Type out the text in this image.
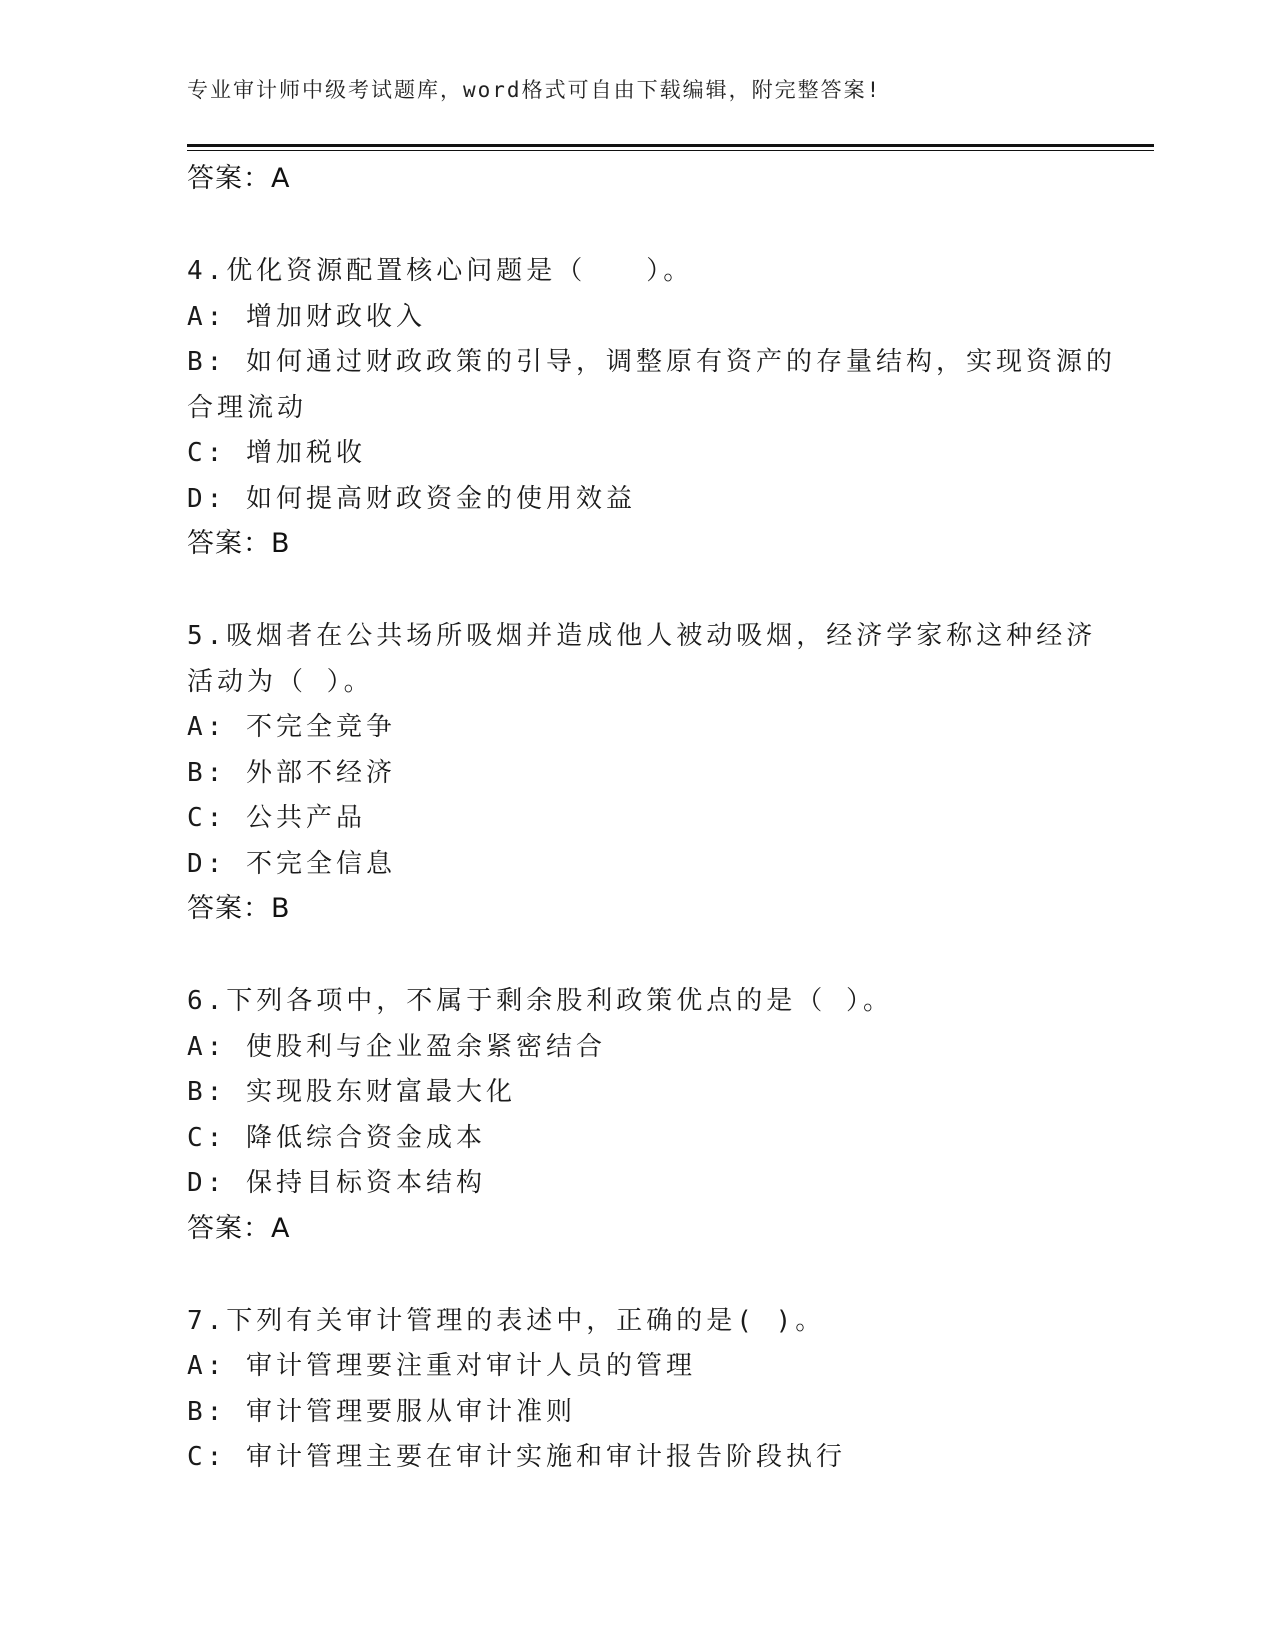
专业审计师中级考试题库，word格式可自由下载编辑，附完整答案!
答案：A
4.优化资源配置核心问题是（　　）。
A: 增加财政收入
B: 如何通过财政政策的引导，调整原有资产的存量结构，实现资源的
合理流动
C: 增加税收
D: 如何提高财政资金的使用效益
答案：B
5.吸烟者在公共场所吸烟并造成他人被动吸烟，经济学家称这种经济
活动为（ ）。
A: 不完全竞争
B: 外部不经济
C: 公共产品
D: 不完全信息
答案：B
6.下列各项中，不属于剩余股利政策优点的是（ ）。
A: 使股利与企业盈余紧密结合
B: 实现股东财富最大化
C: 降低综合资金成本
D: 保持目标资本结构
答案：A
7.下列有关审计管理的表述中，正确的是( )。
A: 审计管理要注重对审计人员的管理
B: 审计管理要服从审计准则
C: 审计管理主要在审计实施和审计报告阶段执行
